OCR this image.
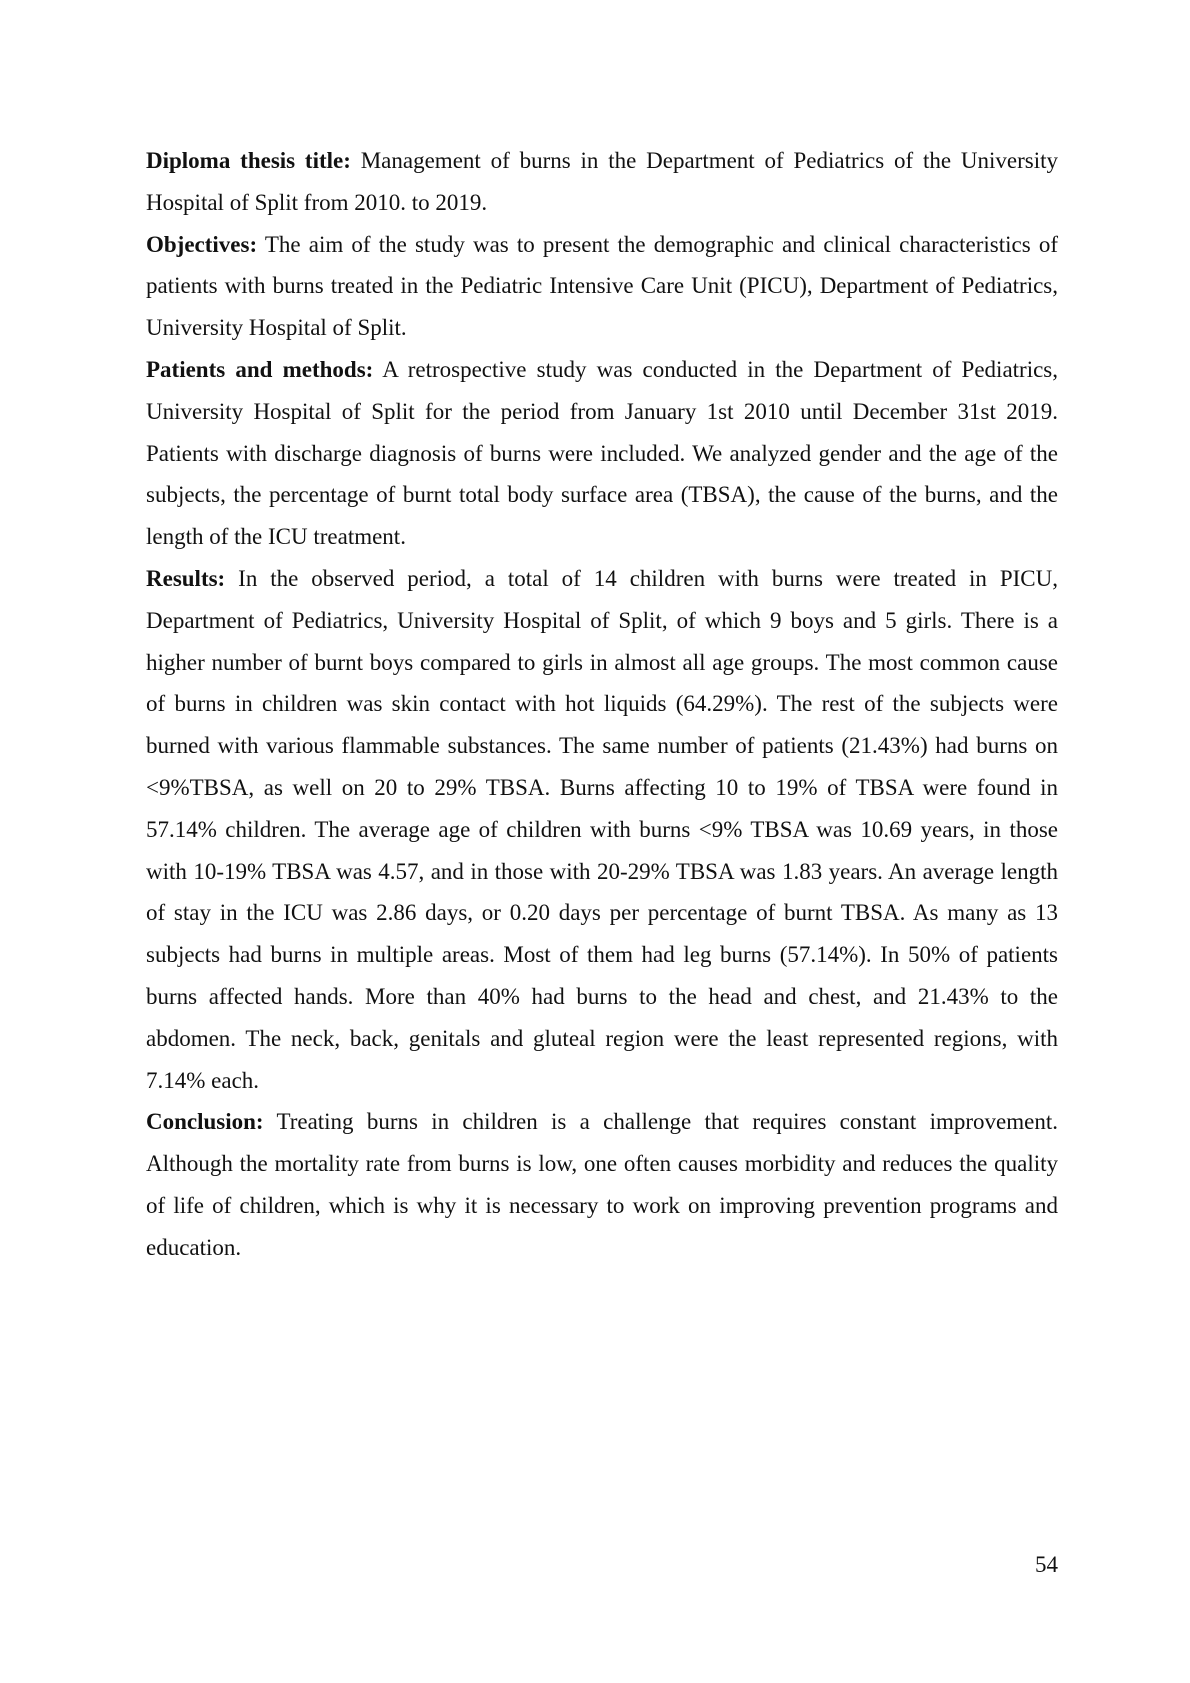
Diploma thesis title: Management of burns in the Department of Pediatrics of the University Hospital of Split from 2010. to 2019.

Objectives: The aim of the study was to present the demographic and clinical characteristics of patients with burns treated in the Pediatric Intensive Care Unit (PICU), Department of Pediatrics, University Hospital of Split.

Patients and methods: A retrospective study was conducted in the Department of Pediatrics, University Hospital of Split for the period from January 1st 2010 until December 31st 2019. Patients with discharge diagnosis of burns were included. We analyzed gender and the age of the subjects, the percentage of burnt total body surface area (TBSA), the cause of the burns, and the length of the ICU treatment.

Results: In the observed period, a total of 14 children with burns were treated in PICU, Department of Pediatrics, University Hospital of Split, of which 9 boys and 5 girls. There is a higher number of burnt boys compared to girls in almost all age groups. The most common cause of burns in children was skin contact with hot liquids (64.29%). The rest of the subjects were burned with various flammable substances. The same number of patients (21.43%) had burns on <9%TBSA, as well on 20 to 29% TBSA. Burns affecting 10 to 19% of TBSA were found in 57.14% children. The average age of children with burns <9% TBSA was 10.69 years, in those with 10-19% TBSA was 4.57, and in those with 20-29% TBSA was 1.83 years. An average length of stay in the ICU was 2.86 days, or 0.20 days per percentage of burnt TBSA. As many as 13 subjects had burns in multiple areas. Most of them had leg burns (57.14%). In 50% of patients burns affected hands. More than 40% had burns to the head and chest, and 21.43% to the abdomen. The neck, back, genitals and gluteal region were the least represented regions, with 7.14% each.

Conclusion: Treating burns in children is a challenge that requires constant improvement. Although the mortality rate from burns is low, one often causes morbidity and reduces the quality of life of children, which is why it is necessary to work on improving prevention programs and education.

54
